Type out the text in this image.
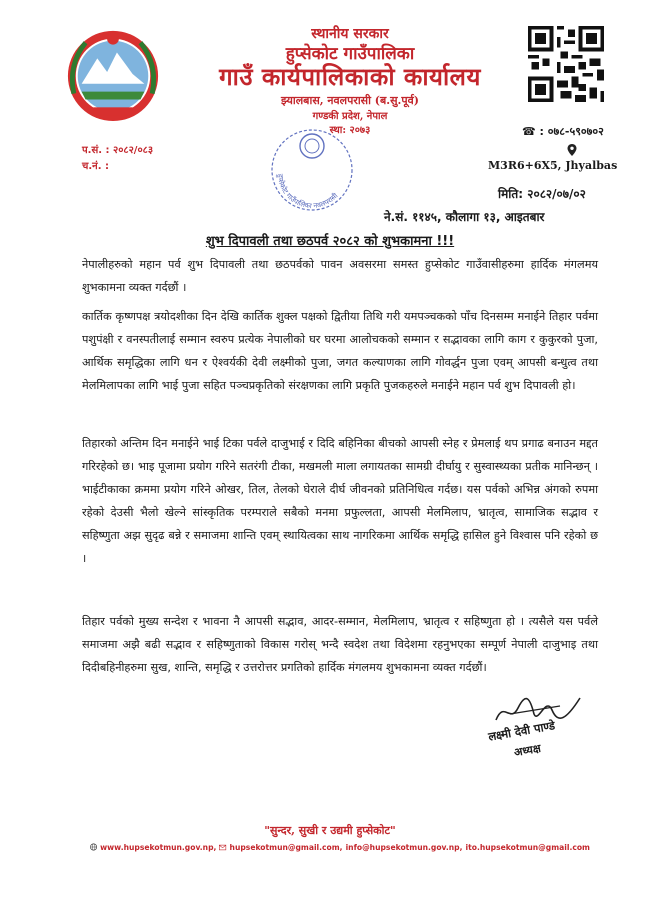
स्थानीय सरकार
हुप्सेकोट गाउँपालिका
गाउँ कार्यपालिकाको कार्यालय
झ्यालबास, नवलपरासी (ब.सु.पूर्व)
गण्डकी प्रदेश, नेपाल
स्था: २०७३
प.सं. : २०८२/०८३
च.नं. :
☎ : ०७८-५९०७०२
M3R6+6X5, Jhyalbas
हुप्सेकोट गाउँपालिका नवलपरासी	मिति: २०८२/०७/०२
ने.सं. ११४५, कौलागा १३, आइतबार
शुभ दिपावली तथा छठपर्व २०८२ को शुभकामना !!!

नेपालीहरुको महान पर्व शुभ दिपावली तथा छठपर्वको पावन अवसरमा समस्त हुप्सेकोट गाउँवासीहरुमा हार्दिक मंगलमय शुभकामना व्यक्त गर्दछौं ।

कार्तिक कृष्णपक्ष त्रयोदशीका दिन देखि कार्तिक शुक्ल पक्षको द्वितीया तिथि गरी यमपञ्चकको पाँच दिनसम्म मनाईने तिहार पर्वमा पशुपंक्षी र वनस्पतीलाई सम्मान स्वरुप प्रत्येक नेपालीको घर घरमा आलोचकको सम्मान र सद्भावका लागि काग र कुकुरको पुजा, आर्थिक समृद्धिका लागि धन र ऐश्वर्यकी देवी लक्ष्मीको पुजा, जगत कल्याणका लागि गोवर्द्धन पुजा एवम् आपसी बन्धुत्व तथा मेलमिलापका लागि भाई पुजा सहित पञ्चप्रकृतिको संरक्षणका लागि प्रकृति पुजकहरुले मनाईने महान पर्व शुभ दिपावली हो।

तिहारको अन्तिम दिन मनाईने भाई टिका पर्वले दाजुभाई र दिदि बहिनिका बीचको आपसी स्नेह र प्रेमलाई थप प्रगाढ बनाउन मद्दत गरिरहेको छ। भाइ पूजामा प्रयोग गरिने सतरंगी टीका, मखमली माला लगायतका सामग्री दीर्घायु र सुस्वास्थ्यका प्रतीक मानिन्छन् । भाईटीकाका क्रममा प्रयोग गरिने ओखर, तिल, तेलको घेराले दीर्घ जीवनको प्रतिनिधित्व गर्दछ। यस पर्वको अभिन्न अंगको रुपमा रहेको देउसी भैलो खेल्ने सांस्कृतिक परम्पराले सबैको मनमा प्रफुल्लता, आपसी मेलमिलाप, भ्रातृत्व, सामाजिक सद्भाव र सहिष्णुता अझ सुदृढ बन्ने र समाजमा शान्ति एवम् स्थायित्वका साथ नागरिकमा आर्थिक समृद्धि हासिल हुने विश्वास पनि रहेको छ ।

तिहार पर्वको मुख्य सन्देश र भावना नै आपसी सद्भाव, आदर-सम्मान, मेलमिलाप, भ्रातृत्व र सहिष्णुता हो । त्यसैले यस पर्वले समाजमा अझै बढी सद्भाव र सहिष्णुताको विकास गरोस् भन्दै स्वदेश तथा विदेशमा रहनुभएका सम्पूर्ण नेपाली दाजुभाइ तथा दिदीबहिनीहरुमा सुख, शान्ति, समृद्धि र उत्तरोत्तर प्रगतिको हार्दिक मंगलमय शुभकामना व्यक्त गर्दछौं।

लक्ष्मी देवी पाण्डे
अध्यक्ष
"सुन्दर, सुखी र उद्यमी हुप्सेकोट"
www.hupsekotmun.gov.np, hupsekotmun@gmail.com, info@hupsekotmun.gov.np, ito.hupsekotmun@gmail.com
